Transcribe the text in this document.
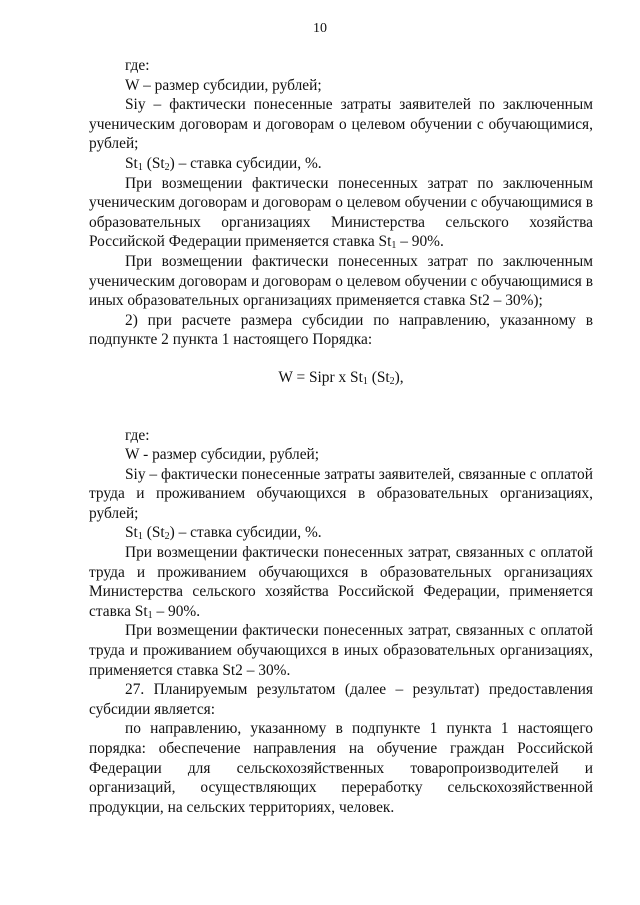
10

где:

W – размер субсидии, рублей;

Siy – фактически понесенные затраты заявителей по заключенным ученическим договорам и договорам о целевом обучении с обучающимися, рублей;

$St_1$ $(St_2)$ – ставка субсидии, %.

При возмещении фактически понесенных затрат по заключенным ученическим договорам и договорам о целевом обучении с обучающимися в образовательных организациях Министерства сельского хозяйства Российской Федерации применяется ставка $St_1 - 90\%$.

При возмещении фактически понесенных затрат по заключенным ученическим договорам и договорам о целевом обучении с обучающимися в иных образовательных организациях применяется ставка St2 – 30%);

2) при расчете размера субсидии по направлению, указанному в подпункте 2 пункта 1 настоящего Порядка:

W = Sipr x $St_1$ $(St_2)$,

где:

W - размер субсидии, рублей;

Siy – фактически понесенные затраты заявителей, связанные с оплатой труда и проживанием обучающихся в образовательных организациях, рублей;

$St_1$ $(St_2)$ – ставка субсидии, %.

При возмещении фактически понесенных затрат, связанных с оплатой труда и проживанием обучающихся в образовательных организациях Министерства сельского хозяйства Российской Федерации, применяется ставка $St_1 - 90\%$.

При возмещении фактически понесенных затрат, связанных с оплатой труда и проживанием обучающихся в иных образовательных организациях, применяется ставка St2 – 30%.

27. Планируемым результатом (далее – результат) предоставления субсидии является:

по направлению, указанному в подпункте 1 пункта 1 настоящего порядка: обеспечение направления на обучение граждан Российской Федерации для сельскохозяйственных товаропроизводителей и организаций, осуществляющих переработку сельскохозяйственной продукции, на сельских территориях, человек.
